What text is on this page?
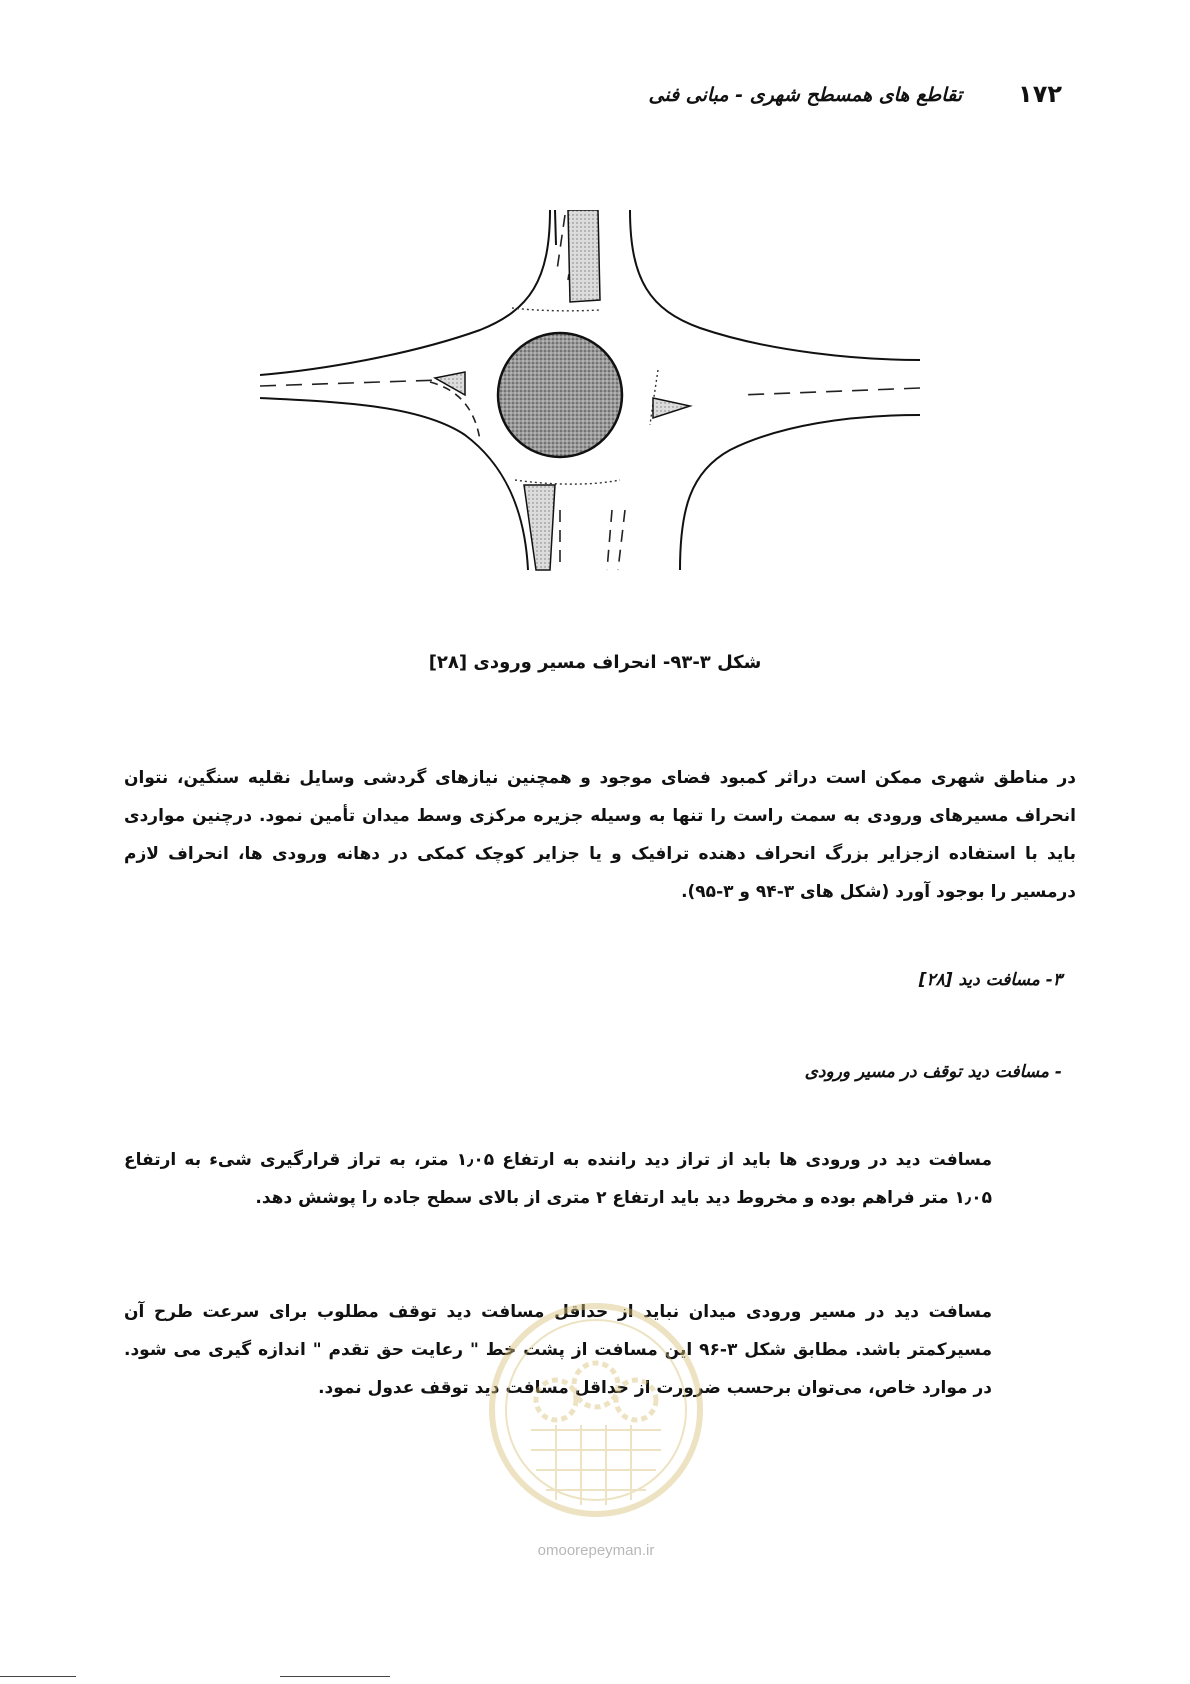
۱۷۲
تقاطع های همسطح شهری - مبانی فنی
شکل ۳-۹۳- انحراف مسیر ورودی [۲۸]

در مناطق شهری ممکن است دراثر کمبود فضای موجود و همچنین نیازهای گردشی وسایل نقلیه سنگین، نتوان انحراف مسیرهای ورودی به سمت راست را تنها به وسیله جزیره مرکزی وسط میدان تأمین نمود. درچنین مواردی باید با استفاده ازجزایر بزرگ انحراف دهنده ترافیک و یا جزایر کوچک کمکی در دهانه ورودی ها، انحراف لازم درمسیر را بوجود آورد (شکل های ۳-۹۴ و ۳-۹۵).

۳- مسافت دید [۲۸]
- مسافت دید توقف در مسیر ورودی

مسافت دید در ورودی ها باید از تراز دید راننده به ارتفاع ۱٫۰۵ متر، به تراز قرارگیری شیء به ارتفاع ۱٫۰۵ متر فراهم بوده و مخروط دید باید ارتفاع ۲ متری از بالای سطح جاده را پوشش دهد.

مسافت دید در مسیر ورودی میدان نباید از حداقل مسافت دید توقف مطلوب برای سرعت طرح آن مسیرکمتر باشد. مطابق شکل ۳-۹۶ این مسافت از پشت خط " رعایت حق تقدم " اندازه گیری می شود. در موارد خاص، می‌توان برحسب ضرورت از حداقل مسافت دید توقف عدول نمود.

omoorepeyman.ir
